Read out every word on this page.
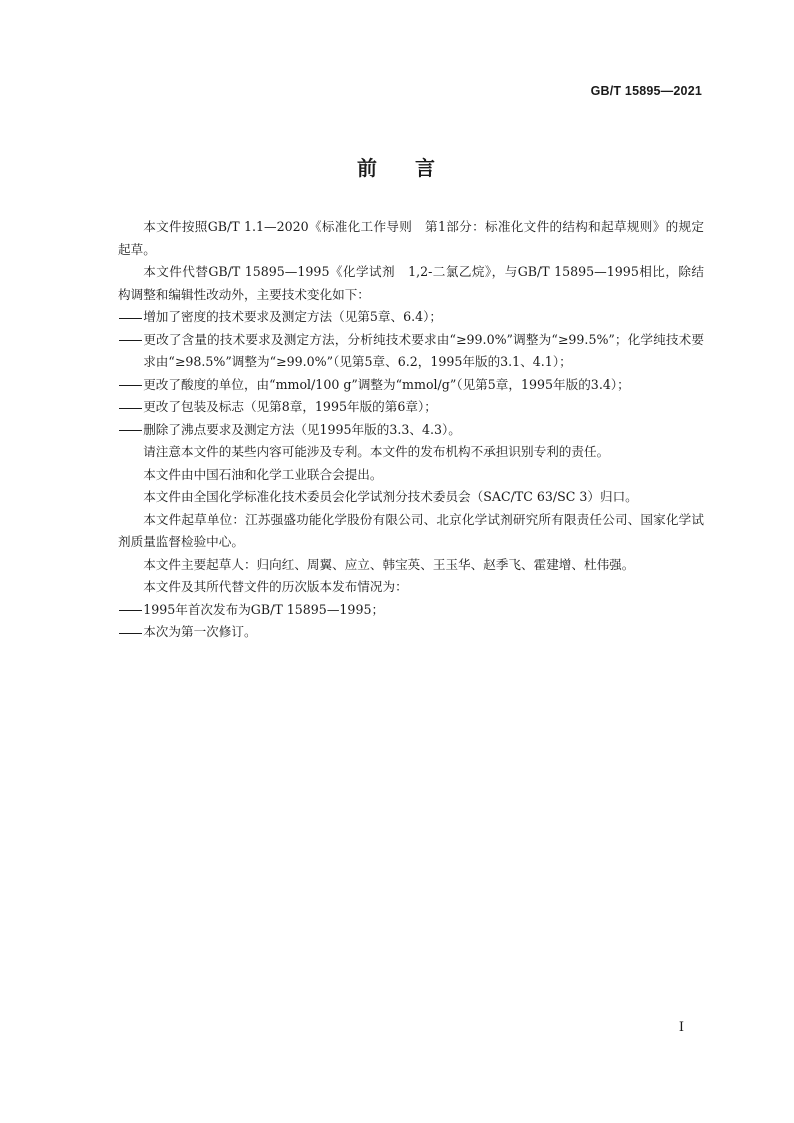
GB/T 15895—2021
前 言

本文件按照GB/T 1.1—2020《标准化工作导则　第1部分：标准化文件的结构和起草规则》的规定起草。

本文件代替GB/T 15895—1995《化学试剂　1,2-二氯乙烷》，与GB/T 15895—1995相比，除结构调整和编辑性改动外，主要技术变化如下：

增加了密度的技术要求及测定方法（见第5章、6.4）；

更改了含量的技术要求及测定方法，分析纯技术要求由“≥99.0%”调整为“≥99.5%”；化学纯技术要求由“≥98.5%”调整为“≥99.0%”（见第5章、6.2，1995年版的3.1、4.1）；

更改了酸度的单位，由“mmol/100 g”调整为“mmol/g”（见第5章，1995年版的3.4）；

更改了包装及标志（见第8章，1995年版的第6章）；

删除了沸点要求及测定方法（见1995年版的3.3、4.3）。

请注意本文件的某些内容可能涉及专利。本文件的发布机构不承担识别专利的责任。

本文件由中国石油和化学工业联合会提出。

本文件由全国化学标准化技术委员会化学试剂分技术委员会（SAC/TC 63/SC 3）归口。

本文件起草单位：江苏强盛功能化学股份有限公司、北京化学试剂研究所有限责任公司、国家化学试剂质量监督检验中心。

本文件主要起草人：归向红、周翼、应立、韩宝英、王玉华、赵季飞、霍建增、杜伟强。

本文件及其所代替文件的历次版本发布情况为：

1995年首次发布为GB/T 15895—1995；

本次为第一次修订。

I
